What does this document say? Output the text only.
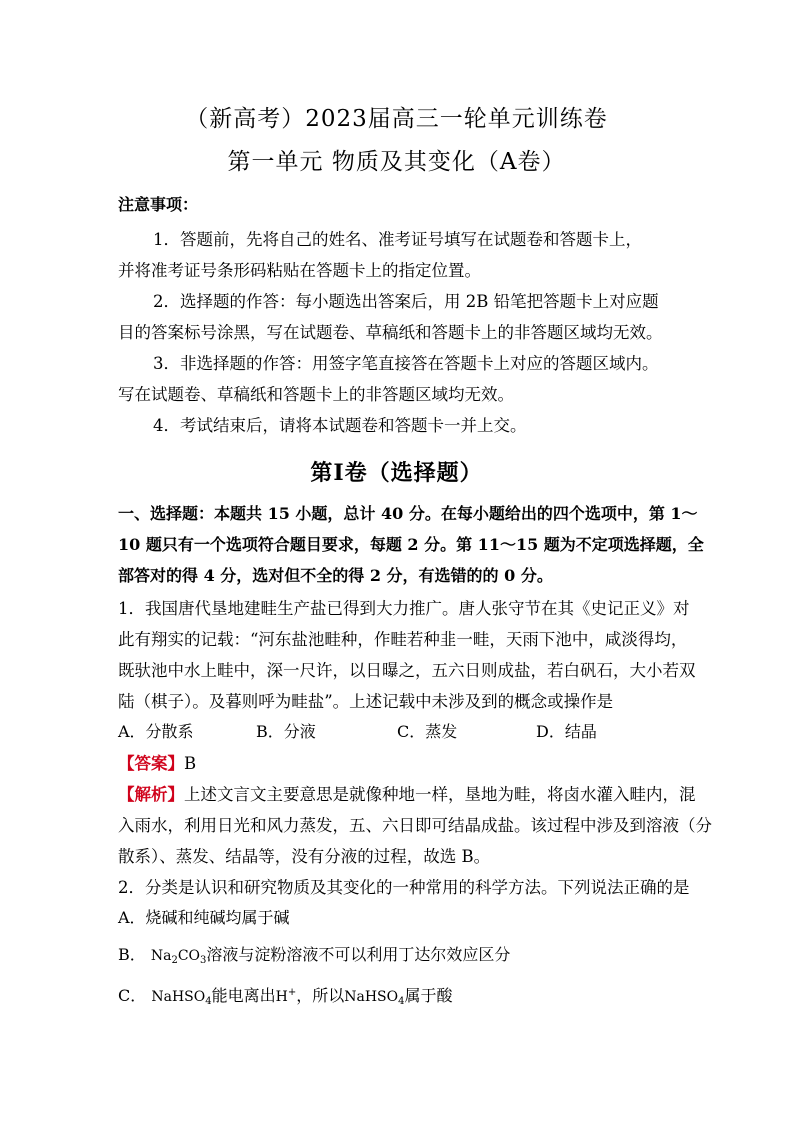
（新高考）2023届高三一轮单元训练卷
第一单元 物质及其变化（A卷）
注意事项：
1．答题前，先将自己的姓名、准考证号填写在试题卷和答题卡上，
并将准考证号条形码粘贴在答题卡上的指定位置。
2．选择题的作答：每小题选出答案后，用 2B 铅笔把答题卡上对应题
目的答案标号涂黑，写在试题卷、草稿纸和答题卡上的非答题区域均无效。
3．非选择题的作答：用签字笔直接答在答题卡上对应的答题区域内。
写在试题卷、草稿纸和答题卡上的非答题区域均无效。
4．考试结束后，请将本试题卷和答题卡一并上交。
第Ⅰ卷（选择题）
一、选择题：本题共 15 小题，总计 40 分。在每小题给出的四个选项中，第 1～
10 题只有一个选项符合题目要求，每题 2 分。第 11～15 题为不定项选择题，全
部答对的得 4 分，选对但不全的得 2 分，有选错的的 0 分。
1．我国唐代垦地建畦生产盐已得到大力推广。唐人张守节在其《史记正义》对
此有翔实的记载：“河东盐池畦种，作畦若种韭一畦，天雨下池中，咸淡得均，
既驮池中水上畦中，深一尺许，以日曝之，五六日则成盐，若白矾石，大小若双
陆（棋子）。及暮则呼为畦盐”。上述记载中未涉及到的概念或操作是
A．分散系	B．分液	C．蒸发	D．结晶
【答案】B
【解析】上述文言文主要意思是就像种地一样，垦地为畦，将卤水灌入畦内，混
入雨水，利用日光和风力蒸发，五、六日即可结晶成盐。该过程中涉及到溶液（分
散系）、蒸发、结晶等，没有分液的过程，故选 B。
2．分类是认识和研究物质及其变化的一种常用的科学方法。下列说法正确的是
A．烧碱和纯碱均属于碱
B． $Na_2CO_3$溶液与淀粉溶液不可以利用丁达尔效应区分
C． NaHSO$_4$能电离出H+，所以NaHSO$_4$属于酸
